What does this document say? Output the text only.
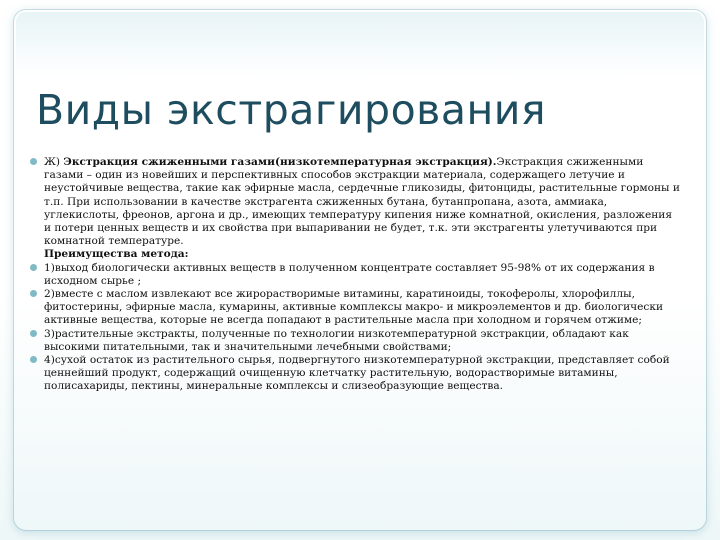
Виды экстрагирования

Ж) Экстракция сжиженными газами(низкотемпературная экстракция).Экстракция сжиженными газами – один из новейших и перспективных способов экстракции материала, содержащего летучие и неустойчивые вещества, такие как эфирные масла, сердечные гликозиды, фитонциды, растительные гормоны и т.п. При использовании в качестве экстрагента сжиженных бутана, бутанпропана, азота, аммиака, углекислоты, фреонов, аргона и др., имеющих температуру кипения ниже комнатной, окисления, разложения и потери ценных веществ и их свойства при выпаривании не будет, т.к. эти экстрагенты улетучиваются при комнатной температуре.

Преимущества метода:

1)выход биологически активных веществ в полученном концентрате составляет 95-98% от их содержания в исходном сырье ;

2)вместе с маслом извлекают все жирорастворимые витамины, каратиноиды, токоферолы, хлорофиллы, фитостерины, эфирные масла, кумарины, активные комплексы макро- и микроэлементов и др. биологически активные вещества, которые не всегда попадают в растительные масла при холодном и горячем отжиме;

3)растительные экстракты, полученные по технологии низкотемпературной экстракции, обладают как высокими питательными, так и значительными лечебными свойствами;

4)сухой остаток из растительного сырья, подвергнутого низкотемпературной экстракции, представляет собой ценнейший продукт, содержащий очищенную клетчатку растительную, водорастворимые витамины, полисахариды, пектины, минеральные комплексы и слизеобразующие вещества.
